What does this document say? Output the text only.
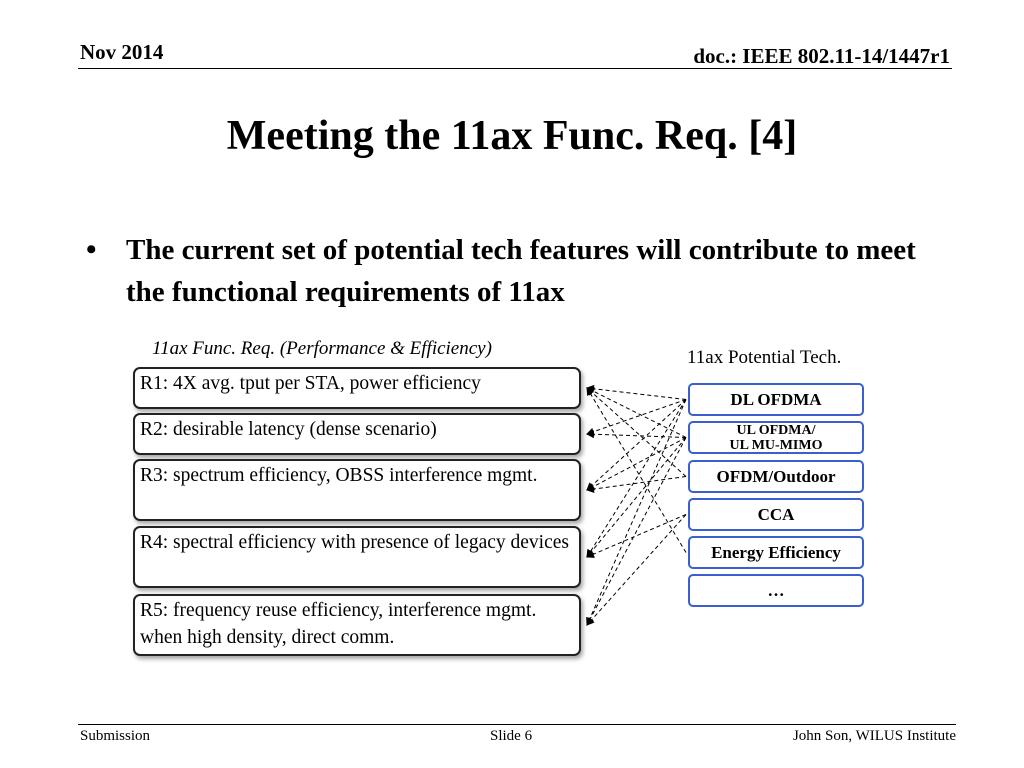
Nov 2014	doc.: IEEE 802.11-14/1447r1
Meeting the 11ax Func. Req. [4]
• The current set of potential tech features will contribute to meet the functional requirements of 11ax
11ax Func. Req. (Performance & Efficiency)	11ax Potential Tech.
R1: 4X avg. tput per STA, power efficiency
R2: desirable latency (dense scenario)
R3: spectrum efficiency, OBSS interference mgmt.
R4: spectral efficiency with presence of legacy devices
R5: frequency reuse efficiency, interference mgmt. when high density, direct comm.
DL OFDMA
UL OFDMA/
UL MU-MIMO
OFDM/Outdoor
CCA
Energy Efficiency
…
Submission	Slide 6	John Son, WILUS Institute
